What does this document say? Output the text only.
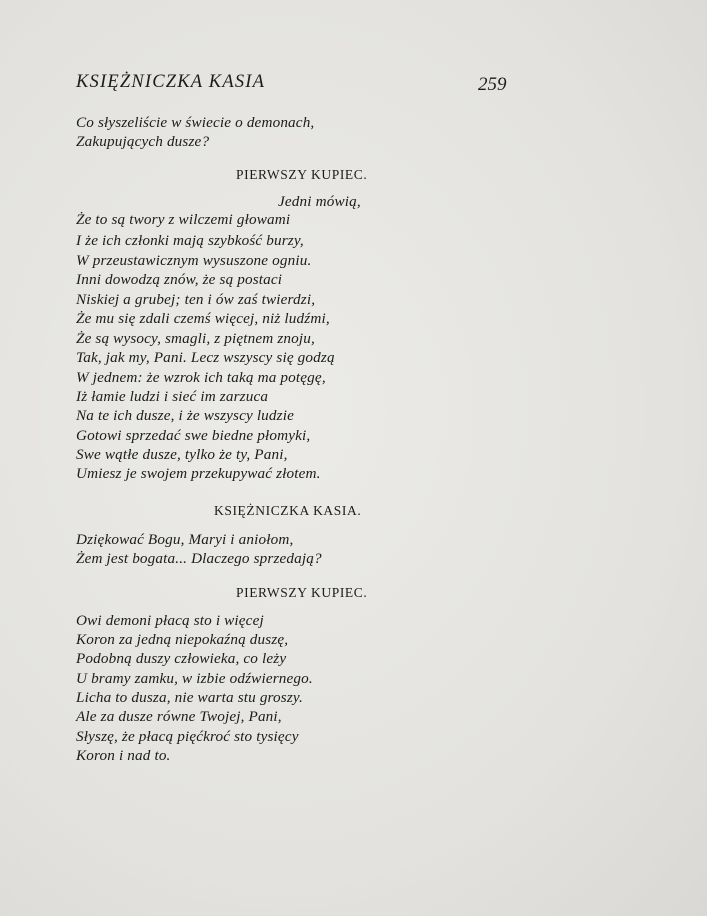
KSIĘŻNICZKA KASIA	259
Co słyszeliście w świecie o demonach,
Zakupujących dusze?
PIERWSZY KUPIEC.
Jedni mówią,
Że to są twory z wilczemi głowami
I że ich członki mają szybkość burzy,
W przeustawicznym wysuszone ogniu.
Inni dowodzą znów, że są postaci
Niskiej a grubej; ten i ów zaś twierdzi,
Że mu się zdali czemś więcej, niż ludźmi,
Że są wysocy, smagli, z piętnem znoju,
Tak, jak my, Pani. Lecz wszyscy się godzą
W jednem: że wzrok ich taką ma potęgę,
Iż łamie ludzi i sieć im zarzuca
Na te ich dusze, i że wszyscy ludzie
Gotowi sprzedać swe biedne płomyki,
Swe wątłe dusze, tylko że ty, Pani,
Umiesz je swojem przekupywać złotem.
KSIĘŻNICZKA KASIA.
Dziękować Bogu, Maryi i aniołom,
Żem jest bogata... Dlaczego sprzedają?
PIERWSZY KUPIEC.
Owi demoni płacą sto i więcej
Koron za jedną niepokaźną duszę,
Podobną duszy człowieka, co leży
U bramy zamku, w izbie odźwiernego.
Licha to dusza, nie warta stu groszy.
Ale za dusze równe Twojej, Pani,
Słyszę, że płacą pięćkroć sto tysięcy
Koron i nad to.
